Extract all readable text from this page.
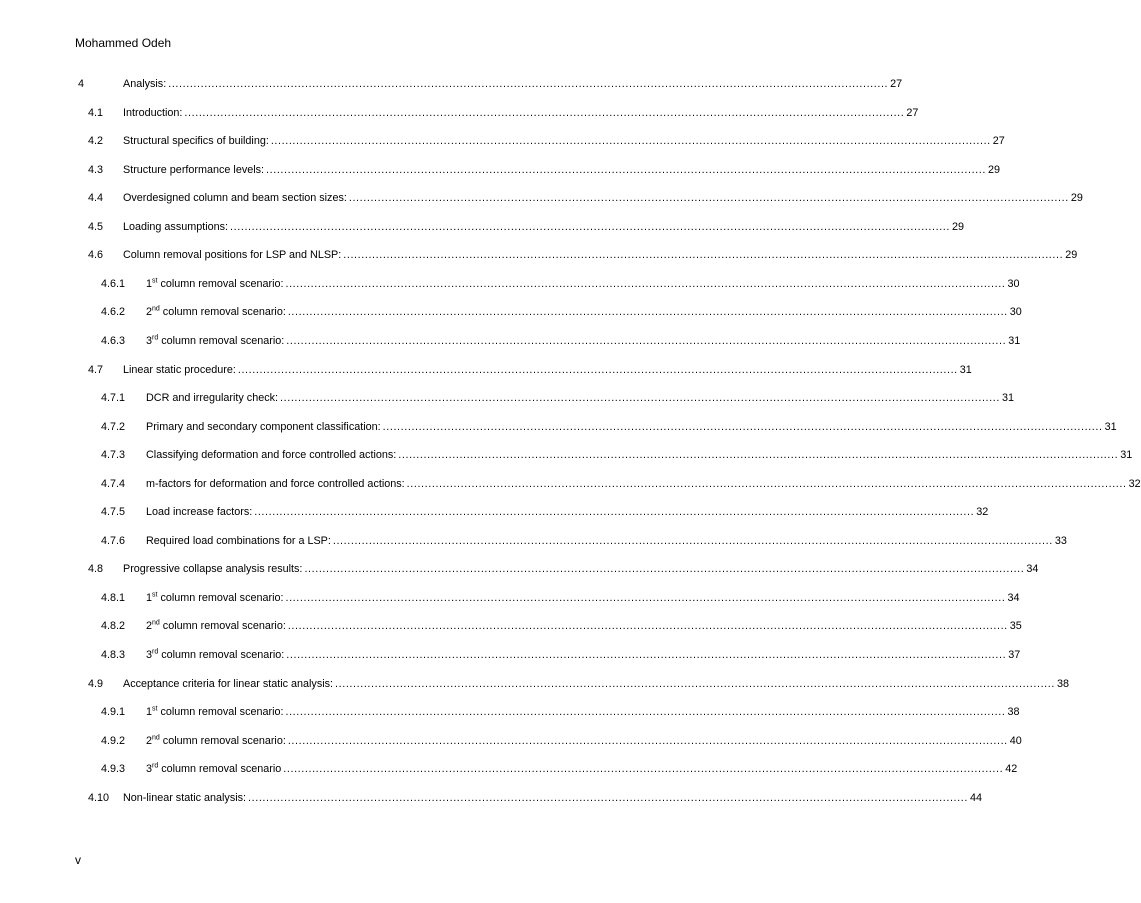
Mohammed Odeh
4	Analysis: ........................................................................................................................................................................................................ 27
4.1	Introduction: ........................................................................................................................................................................................................ 27
4.2	Structural specifics of building: ........................................................................................................................................................................................................ 27
4.3	Structure performance levels: ........................................................................................................................................................................................................ 29
4.4	Overdesigned column and beam section sizes: ........................................................................................................................................................................................................ 29
4.5	Loading assumptions: ........................................................................................................................................................................................................ 29
4.6	Column removal positions for LSP and NLSP: ........................................................................................................................................................................................................ 29
4.6.1	1st column removal scenario: ........................................................................................................................................................................................................ 30
4.6.2	2nd column removal scenario: ........................................................................................................................................................................................................ 30
4.6.3	3rd column removal scenario: ........................................................................................................................................................................................................ 31
4.7	Linear static procedure: ........................................................................................................................................................................................................ 31
4.7.1	DCR and irregularity check: ........................................................................................................................................................................................................ 31
4.7.2	Primary and secondary component classification: ........................................................................................................................................................................................................ 31
4.7.3	Classifying deformation and force controlled actions: ........................................................................................................................................................................................................ 31
4.7.4	m-factors for deformation and force controlled actions: ........................................................................................................................................................................................................ 32
4.7.5	Load increase factors: ........................................................................................................................................................................................................ 32
4.7.6	Required load combinations for a LSP: ........................................................................................................................................................................................................ 33
4.8	Progressive collapse analysis results: ........................................................................................................................................................................................................ 34
4.8.1	1st column removal scenario: ........................................................................................................................................................................................................ 34
4.8.2	2nd column removal scenario: ........................................................................................................................................................................................................ 35
4.8.3	3rd column removal scenario: ........................................................................................................................................................................................................ 37
4.9	Acceptance criteria for linear static analysis: ........................................................................................................................................................................................................ 38
4.9.1	1st column removal scenario: ........................................................................................................................................................................................................ 38
4.9.2	2nd column removal scenario: ........................................................................................................................................................................................................ 40
4.9.3	3rd column removal scenario ........................................................................................................................................................................................................ 42
4.10	Non-linear static analysis: ........................................................................................................................................................................................................ 44
v
